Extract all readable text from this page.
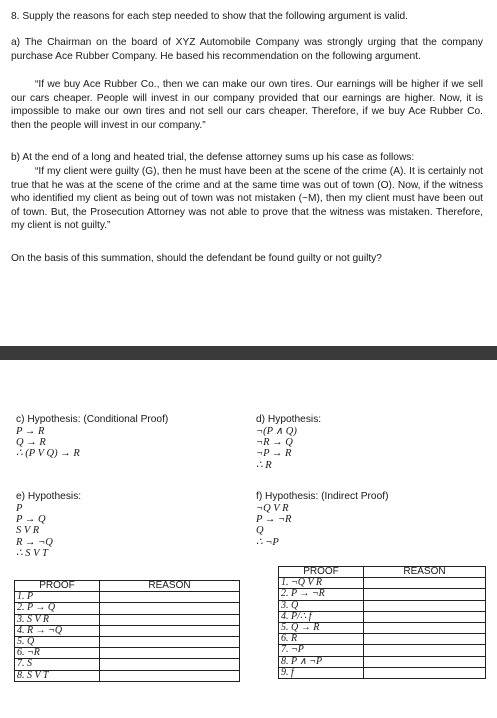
8. Supply the reasons for each step needed to show that the following argument is valid.
a) The Chairman on the board of XYZ Automobile Company was strongly urging that the company purchase Ace Rubber Company. He based his recommendation on the following argument.
“If we buy Ace Rubber Co., then we can make our own tires. Our earnings will be higher if we sell our cars cheaper. People will invest in our company provided that our earnings are higher. Now, it is impossible to make our own tires and not sell our cars cheaper. Therefore, if we buy Ace Rubber Co. then the people will invest in our company.”
b) At the end of a long and heated trial, the defense attorney sums up his case as follows:
“If my client were guilty (G), then he must have been at the scene of the crime (A). It is certainly not true that he was at the scene of the crime and at the same time was out of town (O). Now, if the witness who identified my client as being out of town was not mistaken (~M), then my client must have been out of town. But, the Prosecution Attorney was not able to prove that the witness was mistaken. Therefore, my client is not guilty.”
On the basis of this summation, should the defendant be found guilty or not guilty?
c) Hypothesis: (Conditional Proof)
P → R
Q → R
∴ (P V Q) → R
d) Hypothesis:
¬(P ∧ Q)
¬R → Q
¬P → R
∴ R
e) Hypothesis:
P
P → Q
S V R
R → ¬Q
∴ S V T
f) Hypothesis: (Indirect Proof)
¬Q V R
P → ¬R
Q
∴ ¬P
PROOF	REASON
1. P	
2. P → Q	
3. S V R	
4. R → ¬Q	
5. Q	
6. ¬R	
7. S	
8. S V T	
PROOF	REASON
1. ¬Q V R	
2. P → ¬R	
3. Q	
4. P/∴ f	
5. Q → R	
6. R	
7. ¬P	
8. P ∧ ¬P	
9. f	
